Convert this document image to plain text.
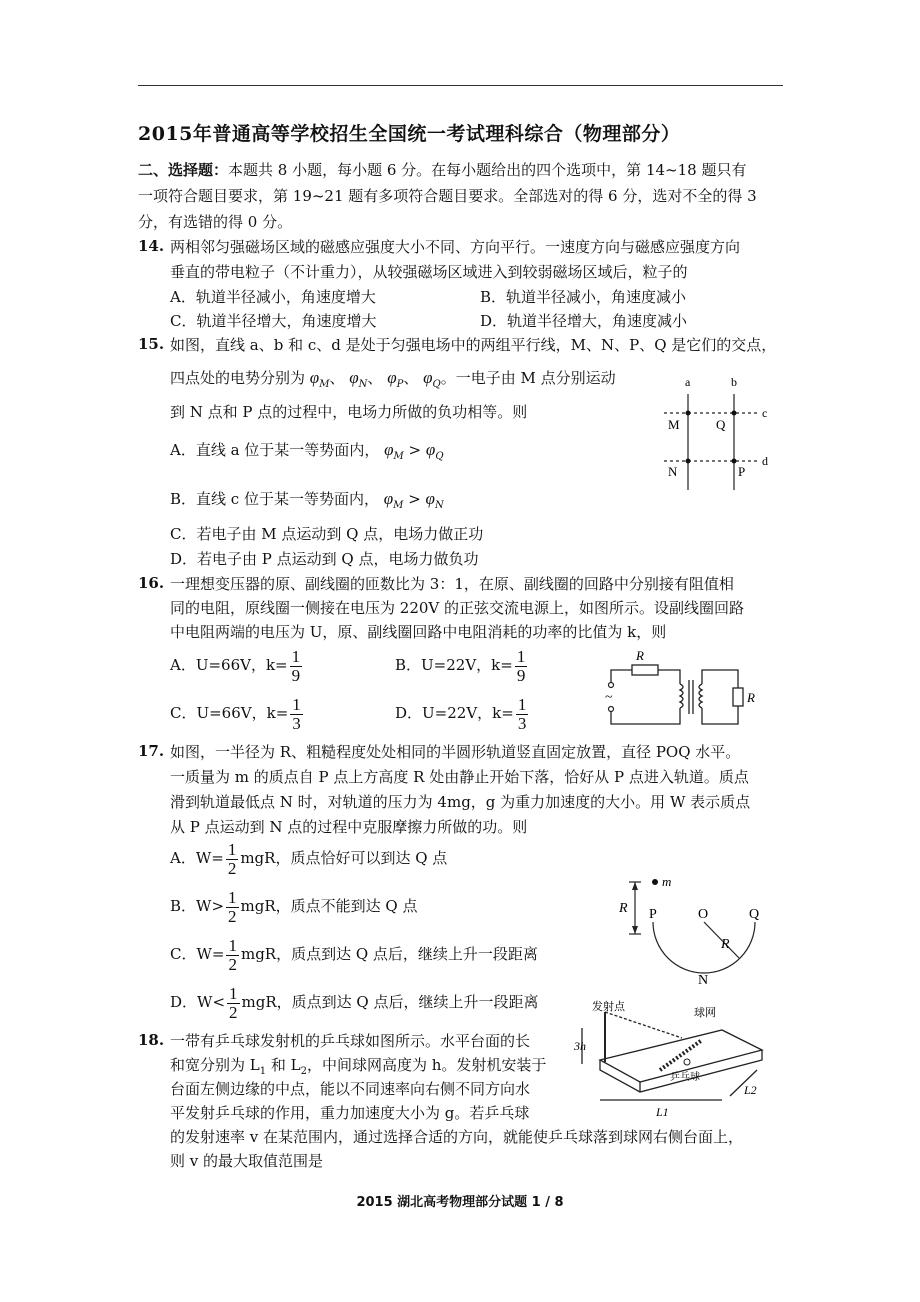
2015年普通高等学校招生全国统一考试理科综合（物理部分）
二、选择题：本题共 8 小题，每小题 6 分。在每小题给出的四个选项中，第 14~18 题只有
一项符合题目要求，第 19~21 题有多项符合题目要求。全部选对的得 6 分，选对不全的得 3
分，有选错的得 0 分。
14. 两相邻匀强磁场区域的磁感应强度大小不同、方向平行。一速度方向与磁感应强度方向
垂直的带电粒子（不计重力），从较强磁场区域进入到较弱磁场区域后，粒子的
A．轨道半径减小，角速度增大	B．轨道半径减小，角速度减小
C．轨道半径增大，角速度增大	D．轨道半径增大，角速度减小
15. 如图，直线 a、b 和 c、d 是处于匀强电场中的两组平行线，M、N、P、Q 是它们的交点，
四点处的电势分别为 $\varphi_M$、 $\varphi_N$、 $\varphi_P$、 $\varphi_Q$。一电子由 M 点分别运动
到 N 点和 P 点的过程中，电场力所做的负功相等。则
A．直线 a 位于某一等势面内， $\varphi_M > \varphi_Q$
B．直线 c 位于某一等势面内， $\varphi_M > \varphi_N$
C．若电子由 M 点运动到 Q 点，电场力做正功
D．若电子由 P 点运动到 Q 点，电场力做负功
a	b
c
d
M	Q
N	P
16. 一理想变压器的原、副线圈的匝数比为 3：1，在原、副线圈的回路中分别接有阻值相
同的电阻，原线圈一侧接在电压为 220V 的正弦交流电源上，如图所示。设副线圈回路
中电阻两端的电压为 U，原、副线圈回路中电阻消耗的功率的比值为 k，则
A．U=66V，$k= \frac{1}{9}$	B．U=22V，$k= \frac{1}{9}$
C．U=66V，$k= \frac{1}{3}$	D．U=22V，$k= \frac{1}{3}$	~
R
R
17. 如图，一半径为 R、粗糙程度处处相同的半圆形轨道竖直固定放置，直径 POQ 水平。
一质量为 m 的质点自 P 点上方高度 R 处由静止开始下落，恰好从 P 点进入轨道。质点
滑到轨道最低点 N 时，对轨道的压力为 4mg，g 为重力加速度的大小。用 W 表示质点
从 P 点运动到 N 点的过程中克服摩擦力所做的功。则
A．$W= \frac{1}{2}$ mgR，质点恰好可以到达 Q 点
B．$W> \frac{1}{2}$ mgR，质点不能到达 Q 点
C．$W= \frac{1}{2}$ mgR，质点到达 Q 点后，继续上升一段距离
D．$W< \frac{1}{2}$ mgR，质点到达 Q 点后，继续上升一段距离
m
R P	O	Q
R
N
18. 一带有乒乓球发射机的乒乓球如图所示。水平台面的长
和宽分别为 $L_1$ 和 $L_2$，中间球网高度为 h。发射机安装于
台面左侧边缘的中点，能以不同速率向右侧不同方向水
平发射乒乓球的作用，重力加速度大小为 g。若乒乓球
的发射速率 v 在某范围内，通过选择合适的方向，就能使乒乓球落到球网右侧台面上，
则 v 的最大取值范围是
发射点	球网
乒乓球
3h
L1
L2
2015 湖北高考物理部分试题 1 / 8
